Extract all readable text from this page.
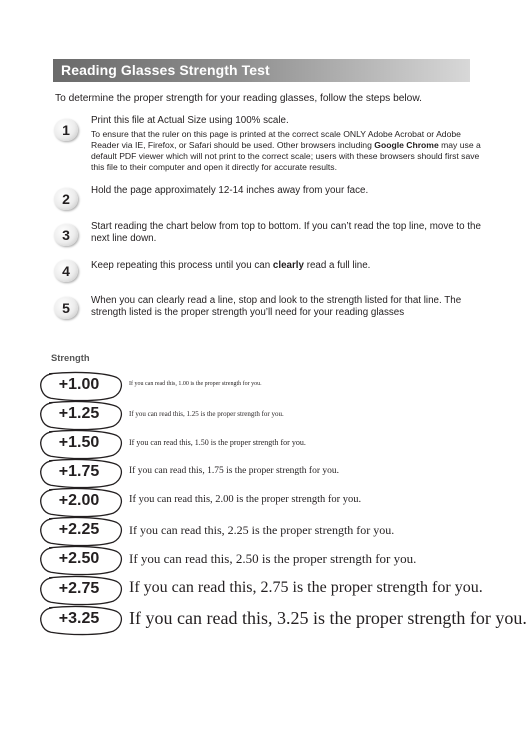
Reading Glasses Strength Test
To determine the proper strength for your reading glasses, follow the steps below.
1
Print this file at Actual Size using 100% scale.
To ensure that the ruler on this page is printed at the correct scale ONLY Adobe Acrobat or Adobe Reader via IE, Firefox, or Safari should be used. Other browsers including Google Chrome may use a default PDF viewer which will not print to the correct scale; users with these browsers should first save this file to their computer and open it directly for accurate results.
2
Hold the page approximately 12-14 inches away from your face.
3
Start reading the chart below from top to bottom. If you can’t read the top line, move to the next line down.
4	Keep repeating this process until you can clearly read a full line.
5	When you can clearly read a line, stop and look to the strength listed for that line. The strength listed is the proper strength you’ll need for your reading glasses
Strength
+1.00	If you can read this, 1.00 is the proper strength for you.
+1.25	If you can read this, 1.25 is the proper strength for you.
+1.50	If you can read this, 1.50 is the proper strength for you.
+1.75	If you can read this, 1.75 is the proper strength for you.
+2.00	If you can read this, 2.00 is the proper strength for you.
+2.25	If you can read this, 2.25 is the proper strength for you.
+2.50	If you can read this, 2.50 is the proper strength for you.
+2.75	If you can read this, 2.75 is the proper strength for you.
+3.25	If you can read this, 3.25 is the proper strength for you.
